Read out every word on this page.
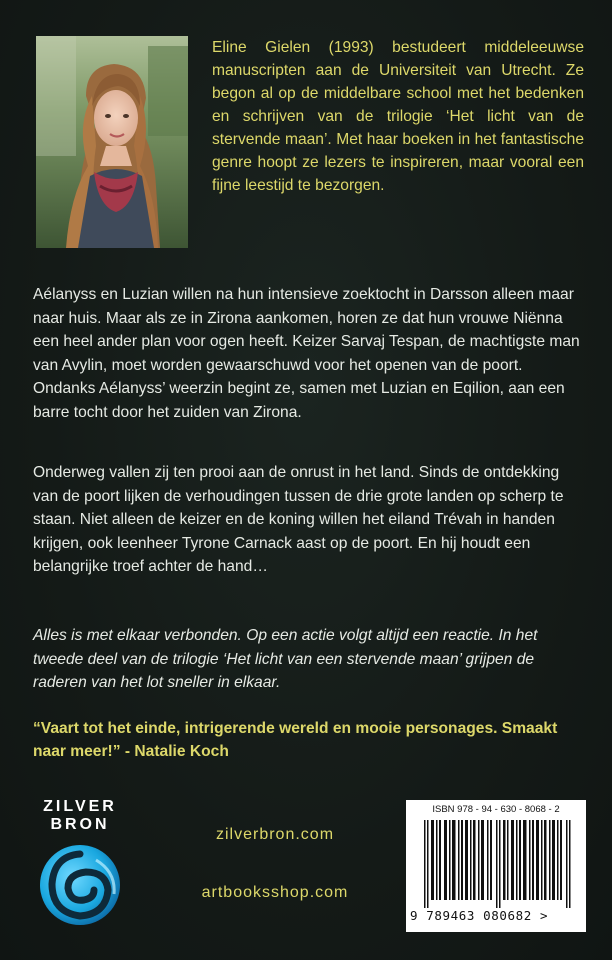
Eline Gielen (1993) bestudeert middeleeuwse manuscripten aan de Universiteit van Utrecht. Ze begon al op de middelbare school met het bedenken en schrijven van de trilogie ‘Het licht van de stervende maan’. Met haar boeken in het fantastische genre hoopt ze lezers te inspireren, maar vooral een fijne leestijd te bezorgen.

Aélanyss en Luzian willen na hun intensieve zoektocht in Darsson alleen maar naar huis. Maar als ze in Zirona aankomen, horen ze dat hun vrouwe Niënna een heel ander plan voor ogen heeft. Keizer Sarvaj Tespan, de machtigste man van Avylin, moet worden gewaarschuwd voor het openen van de poort. Ondanks Aélanyss’ weerzin begint ze, samen met Luzian en Eqilion, aan een barre tocht door het zuiden van Zirona.

Onderweg vallen zij ten prooi aan de onrust in het land. Sinds de ontdekking van de poort lijken de verhoudingen tussen de drie grote landen op scherp te staan. Niet alleen de keizer en de koning willen het eiland Trévah in handen krijgen, ook leenheer Tyrone Carnack aast op de poort. En hij houdt een belangrijke troef achter de hand…

Alles is met elkaar verbonden. Op een actie volgt altijd een reactie. In het tweede deel van de trilogie ‘Het licht van een stervende maan’ grijpen de raderen van het lot sneller in elkaar.

“Vaart tot het einde, intrigerende wereld en mooie personages. Smaakt naar meer!” - Natalie Koch

ZILVER
BRON
zilverbron.com
artbooksshop.com
ISBN 978 - 94 - 630 - 8068 - 2
9 789463 080682 >
